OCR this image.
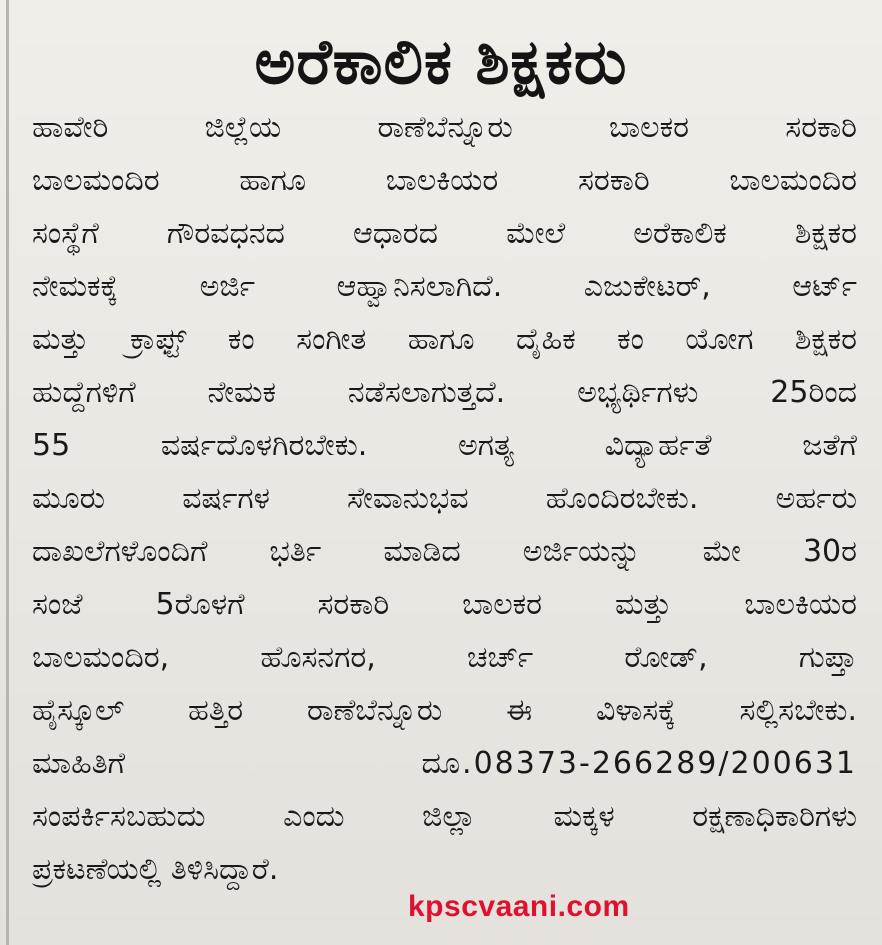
ಅರೆಕಾಲಿಕ ಶಿಕ್ಷಕರು
ಹಾವೇರಿ ಜಿಲ್ಲೆಯ ರಾಣೆಬೆನ್ನೂರು ಬಾಲಕರ ಸರಕಾರಿ
ಬಾಲಮಂದಿರ ಹಾಗೂ ಬಾಲಕಿಯರ ಸರಕಾರಿ ಬಾಲಮಂದಿರ
ಸಂಸ್ಥೆಗೆ ಗೌರವಧನದ ಆಧಾರದ ಮೇಲೆ ಅರೆಕಾಲಿಕ ಶಿಕ್ಷಕರ
ನೇಮಕಕ್ಕೆ ಅರ್ಜಿ ಆಹ್ವಾನಿಸಲಾಗಿದೆ. ಎಜುಕೇಟರ್, ಆರ್ಟ್
ಮತ್ತು ಕ್ರಾಫ್ಟ್ ಕಂ ಸಂಗೀತ ಹಾಗೂ ದೈಹಿಕ ಕಂ ಯೋಗ ಶಿಕ್ಷಕರ
ಹುದ್ದೆಗಳಿಗೆ ನೇಮಕ ನಡೆಸಲಾಗುತ್ತದೆ. ಅಭ್ಯರ್ಥಿಗಳು 25ರಿಂದ
55 ವರ್ಷದೊಳಗಿರಬೇಕು. ಅಗತ್ಯ ವಿದ್ಯಾರ್ಹತೆ ಜತೆಗೆ
ಮೂರು ವರ್ಷಗಳ ಸೇವಾನುಭವ ಹೊಂದಿರಬೇಕು. ಅರ್ಹರು
ದಾಖಲೆಗಳೊಂದಿಗೆ ಭರ್ತಿ ಮಾಡಿದ ಅರ್ಜಿಯನ್ನು ಮೇ 30ರ
ಸಂಜೆ 5ರೊಳಗೆ ಸರಕಾರಿ ಬಾಲಕರ ಮತ್ತು ಬಾಲಕಿಯರ
ಬಾಲಮಂದಿರ, ಹೊಸನಗರ, ಚರ್ಚ್ ರೋಡ್, ಗುಪ್ತಾ
ಹೈಸ್ಕೂಲ್ ಹತ್ತಿರ ರಾಣೆಬೆನ್ನೂರು ಈ ವಿಳಾಸಕ್ಕೆ ಸಲ್ಲಿಸಬೇಕು.
ಮಾಹಿತಿಗೆ	ದೂ.08373-266289/200631
ಸಂಪರ್ಕಿಸಬಹುದು ಎಂದು ಜಿಲ್ಲಾ ಮಕ್ಕಳ ರಕ್ಷಣಾಧಿಕಾರಿಗಳು
ಪ್ರಕಟಣೆಯಲ್ಲಿ ತಿಳಿಸಿದ್ದಾರೆ.
kpscvaani.com
